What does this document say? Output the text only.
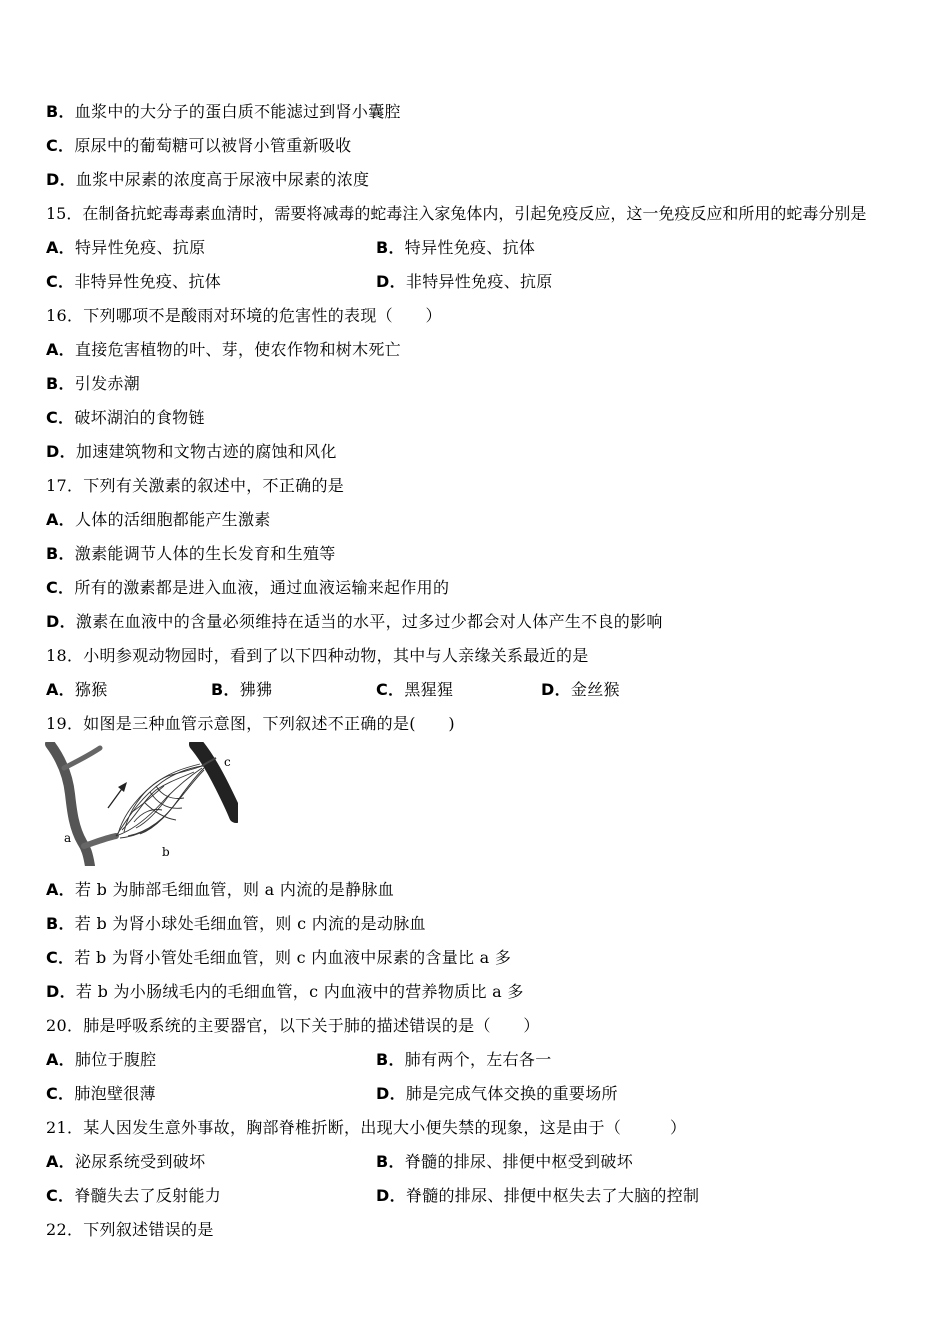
B．血浆中的大分子的蛋白质不能滤过到肾小囊腔
C．原尿中的葡萄糖可以被肾小管重新吸收
D．血浆中尿素的浓度高于尿液中尿素的浓度
15．在制备抗蛇毒毒素血清时，需要将减毒的蛇毒注入家兔体内，引起免疫反应，这一免疫反应和所用的蛇毒分别是
A．特异性免疫、抗原	B．特异性免疫、抗体
C．非特异性免疫、抗体	D．非特异性免疫、抗原
16．下列哪项不是酸雨对环境的危害性的表现（　　）
A．直接危害植物的叶、芽，使农作物和树木死亡
B．引发赤潮
C．破坏湖泊的食物链
D．加速建筑物和文物古迹的腐蚀和风化
17．下列有关激素的叙述中，不正确的是
A．人体的活细胞都能产生激素
B．激素能调节人体的生长发育和生殖等
C．所有的激素都是进入血液，通过血液运输来起作用的
D．激素在血液中的含量必须维持在适当的水平，过多过少都会对人体产生不良的影响
18．小明参观动物园时，看到了以下四种动物，其中与人亲缘关系最近的是
A．猕猴	B．狒狒	C．黑猩猩	D．金丝猴
19．如图是三种血管示意图，下列叙述不正确的是(　　)
a
b
c
A．若 b 为肺部毛细血管，则 a 内流的是静脉血
B．若 b 为肾小球处毛细血管，则 c 内流的是动脉血
C．若 b 为肾小管处毛细血管，则 c 内血液中尿素的含量比 a 多
D．若 b 为小肠绒毛内的毛细血管，c 内血液中的营养物质比 a 多
20．肺是呼吸系统的主要器官，以下关于肺的描述错误的是（　　）
A．肺位于腹腔	B．肺有两个，左右各一
C．肺泡壁很薄	D．肺是完成气体交换的重要场所
21．某人因发生意外事故，胸部脊椎折断，出现大小便失禁的现象，这是由于（　　　）
A．泌尿系统受到破坏	B．脊髓的排尿、排便中枢受到破坏
C．脊髓失去了反射能力	D．脊髓的排尿、排便中枢失去了大脑的控制
22．下列叙述错误的是
